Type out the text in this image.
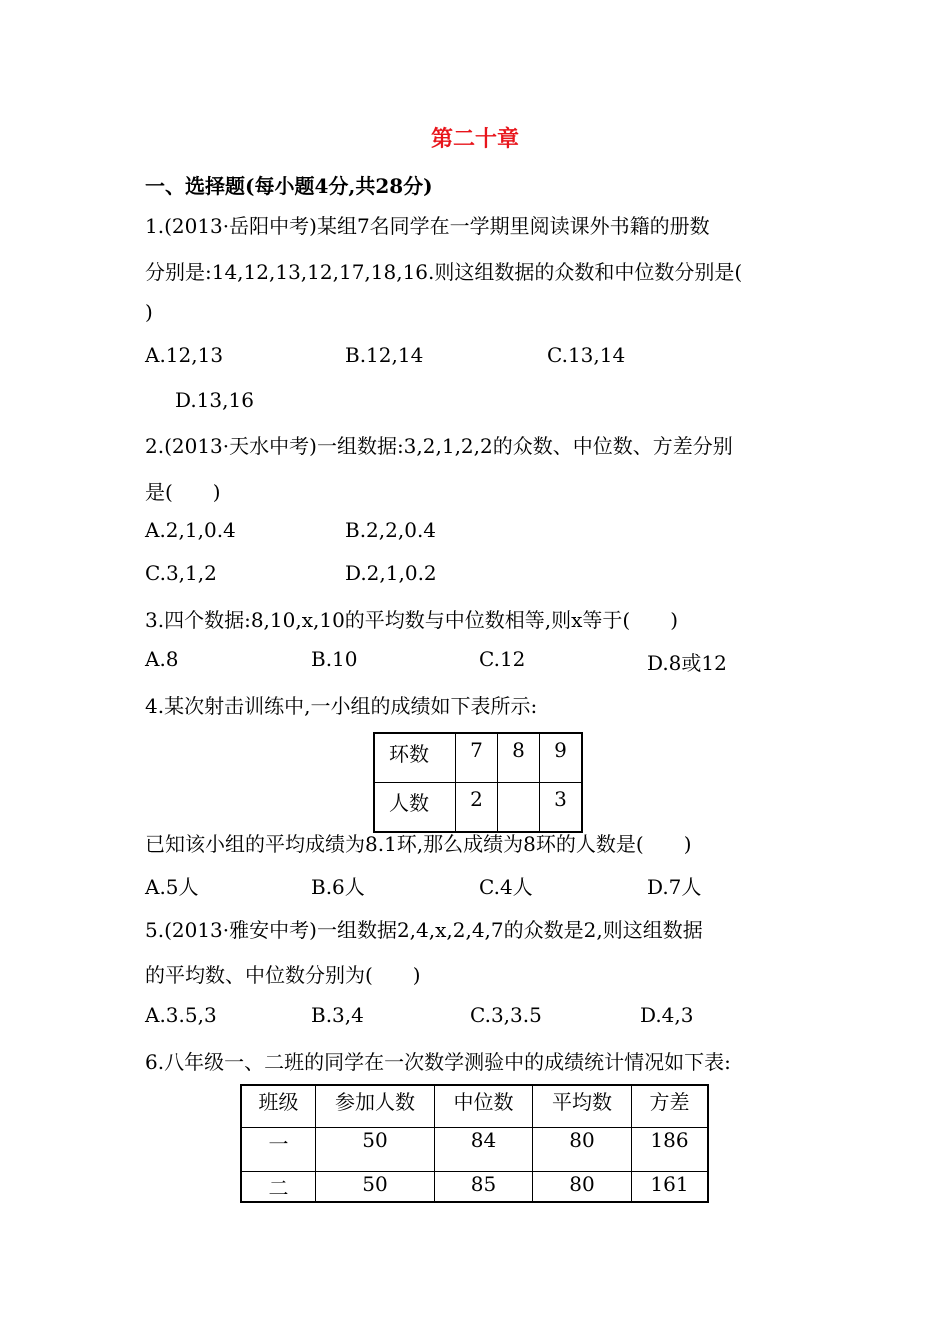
第二十章
一、选择题(每小题4分,共28分)
1.(2013·岳阳中考)某组7名同学在一学期里阅读课外书籍的册数
分别是:14,12,13,12,17,18,16.则这组数据的众数和中位数分别是(
)
A.12,13	B.12,14	C.13,14
D.13,16
2.(2013·天水中考)一组数据:3,2,1,2,2的众数、中位数、方差分别
是(　　)
A.2,1,0.4	B.2,2,0.4
C.3,1,2	D.2,1,0.2
3.四个数据:8,10,x,10的平均数与中位数相等,则x等于(　　)
A.8	B.10	C.12	D.8或12
4.某次射击训练中,一小组的成绩如下表所示:
环数	7	8	9
人数	2		3
已知该小组的平均成绩为8.1环,那么成绩为8环的人数是(　　)
A.5人	B.6人	C.4人	D.7人
5.(2013·雅安中考)一组数据2,4,x,2,4,7的众数是2,则这组数据
的平均数、中位数分别为(　　)
A.3.5,3	B.3,4	C.3,3.5	D.4,3
6.八年级一、二班的同学在一次数学测验中的成绩统计情况如下表:
班级	参加人数	中位数	平均数	方差
一	50	84	80	186
二	50	85	80	161
